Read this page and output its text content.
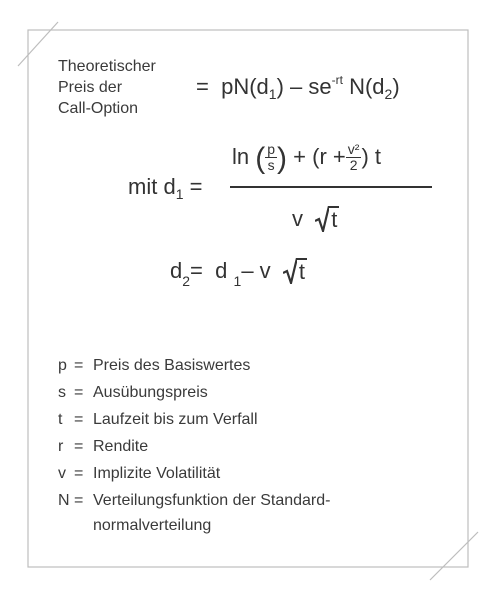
Theoretischer
Preis der
Call-Option
= $pN(d_1) - se^{-rt}$ $N(d_2)$
mit $d_1$ =
ln
( $\frac{p}{s}$ )
+
($r + \frac{\text{v²}}{2}$ ) t
v
t
d 2 =
d
1 – v
t
p = Preis des Basiswertes
s = Ausübungspreis
t = Laufzeit bis zum Verfall
r = Rendite
v = Implizite Volatilität
N = Verteilungsfunktion der Standard-
normalverteilung
